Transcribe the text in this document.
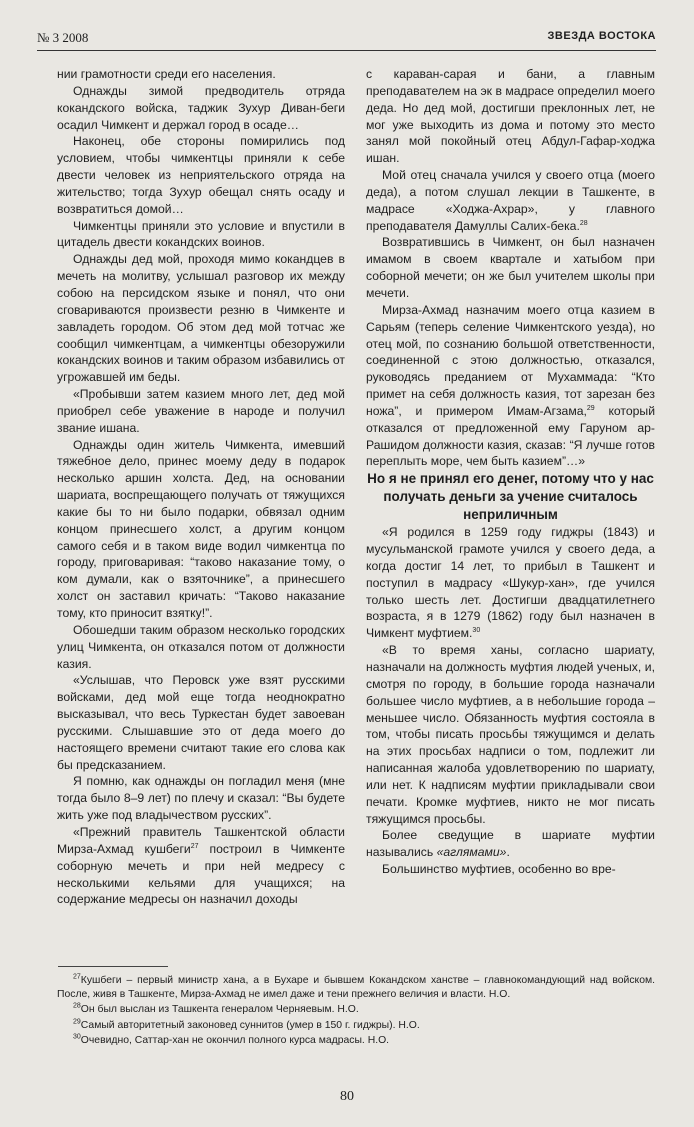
№ 3 2008	ЗВЕЗДА ВОСТОКА

нии грамотности среди его населения.

Однажды зимой предводитель отряда кокандского войска, таджик Зухур Диван-беги осадил Чимкент и держал город в осаде…

Наконец, обе стороны помирились под условием, чтобы чимкентцы приняли к себе двести человек из неприятельского отряда на жительство; тогда Зухур обещал снять осаду и возвратиться домой…

Чимкентцы приняли это условие и впустили в цитадель двести кокандских воинов.

Однажды дед мой, проходя мимо кокандцев в мечеть на молитву, услышал разговор их между собою на персидском языке и понял, что они сговариваются произвести резню в Чимкенте и завладеть городом. Об этом дед мой тотчас же сообщил чимкентцам, а чимкентцы обезоружили кокандских воинов и таким образом избавились от угрожавшей им беды.

«Пробывши затем казием много лет, дед мой приобрел себе уважение в народе и получил звание ишана.

Однажды один житель Чимкента, имевший тяжебное дело, принес моему деду в подарок несколько аршин холста. Дед, на основании шариата, воспрещающего получать от тяжущихся какие бы то ни было подарки, обвязал одним концом принесшего холст, а другим концом самого себя и в таком виде водил чимкентца по городу, приговаривая: “таково наказание тому, о ком думали, как о взяточнике”, а принесшего холст он заставил кричать: “Таково наказание тому, кто приносит взятку!”.

Обошедши таким образом несколько городских улиц Чимкента, он отказался потом от должности казия.

«Услышав, что Перовск уже взят русскими войсками, дед мой еще тогда неоднократно высказывал, что весь Туркестан будет завоеван русскими. Слышавшие это от деда моего до настоящего времени считают такие его слова как бы предсказанием.

Я помню, как однажды он погладил меня (мне тогда было 8–9 лет) по плечу и сказал: “Вы будете жить уже под владычеством русских”.

«Прежний правитель Ташкентской области Мирза-Ахмад кушбеги$^{27}$ построил в Чимкенте соборную мечеть и при ней медресу с несколькими кельями для учащихся; на содержание медресы он назначил доходы

с караван-сарая и бани, а главным преподавателем на эк в мадрасе определил моего деда. Но дед мой, достигши преклонных лет, не мог уже выходить из дома и потому это место занял мой покойный отец Абдул-Гафар-ходжа ишан.

Мой отец сначала учился у своего отца (моего деда), а потом слушал лекции в Ташкенте, в мадрасе «Ходжа-Ахрар», у главного преподавателя Дамуллы Салих-бека.$^{28}$

Возвратившись в Чимкент, он был назначен имамом в своем квартале и хатыбом при соборной мечети; он же был учителем школы при мечети.

Мирза-Ахмад назначим моего отца казием в Сарьям (теперь селение Чимкентского уезда), но отец мой, по сознанию большой ответственности, соединенной с этою должностью, отказался, руководясь преданием от Мухаммада: “Кто примет на себя должность казия, тот зарезан без ножа”, и примером Имам-Агзама,$^{29}$ который отказался от предложенной ему Гаруном ар-Рашидом должности казия, сказав: “Я лучше готов переплыть море, чем быть казием”…»

Но я не принял его денег, потому что у нас получать деньги за учение считалось неприличным

«Я родился в 1259 году гиджры (1843) и мусульманской грамоте учился у своего деда, а когда достиг 14 лет, то прибыл в Ташкент и поступил в мадрасу «Шукур-хан», где учился только шесть лет. Достигши двадцатилетнего возраста, я в 1279 (1862) году был назначен в Чимкент муфтием.$^{30}$

«В то время ханы, согласно шариату, назначали на должность муфтия людей ученых, и, смотря по городу, в большие города назначали большее число муфтиев, а в небольшие города – меньшее число. Обязанность муфтия состояла в том, чтобы писать просьбы тяжущимся и делать на этих просьбах надписи о том, подлежит ли написанная жалоба удовлетворению по шариату, или нет. К надписям муфтии прикладывали свои печати. Кромке муфтиев, никто не мог писать тяжущимся просьбы.

Более сведущие в шариате муфтии назывались «аглямами».

Большинство муфтиев, особенно во вре-

$^{27}$Кушбеги – первый министр хана, а в Бухаре и бывшем Кокандском ханстве – главнокомандующий над войском. После, живя в Ташкенте, Мирза-Ахмад не имел даже и тени прежнего величия и власти. Н.О.

$^{28}$Он был выслан из Ташкента генералом Черняевым. Н.О.

$^{29}$Самый авторитетный законовед суннитов (умер в 150 г. гиджры). Н.О.

$^{30}$Очевидно, Саттар-хан не окончил полного курса мадрасы. Н.О.

80
